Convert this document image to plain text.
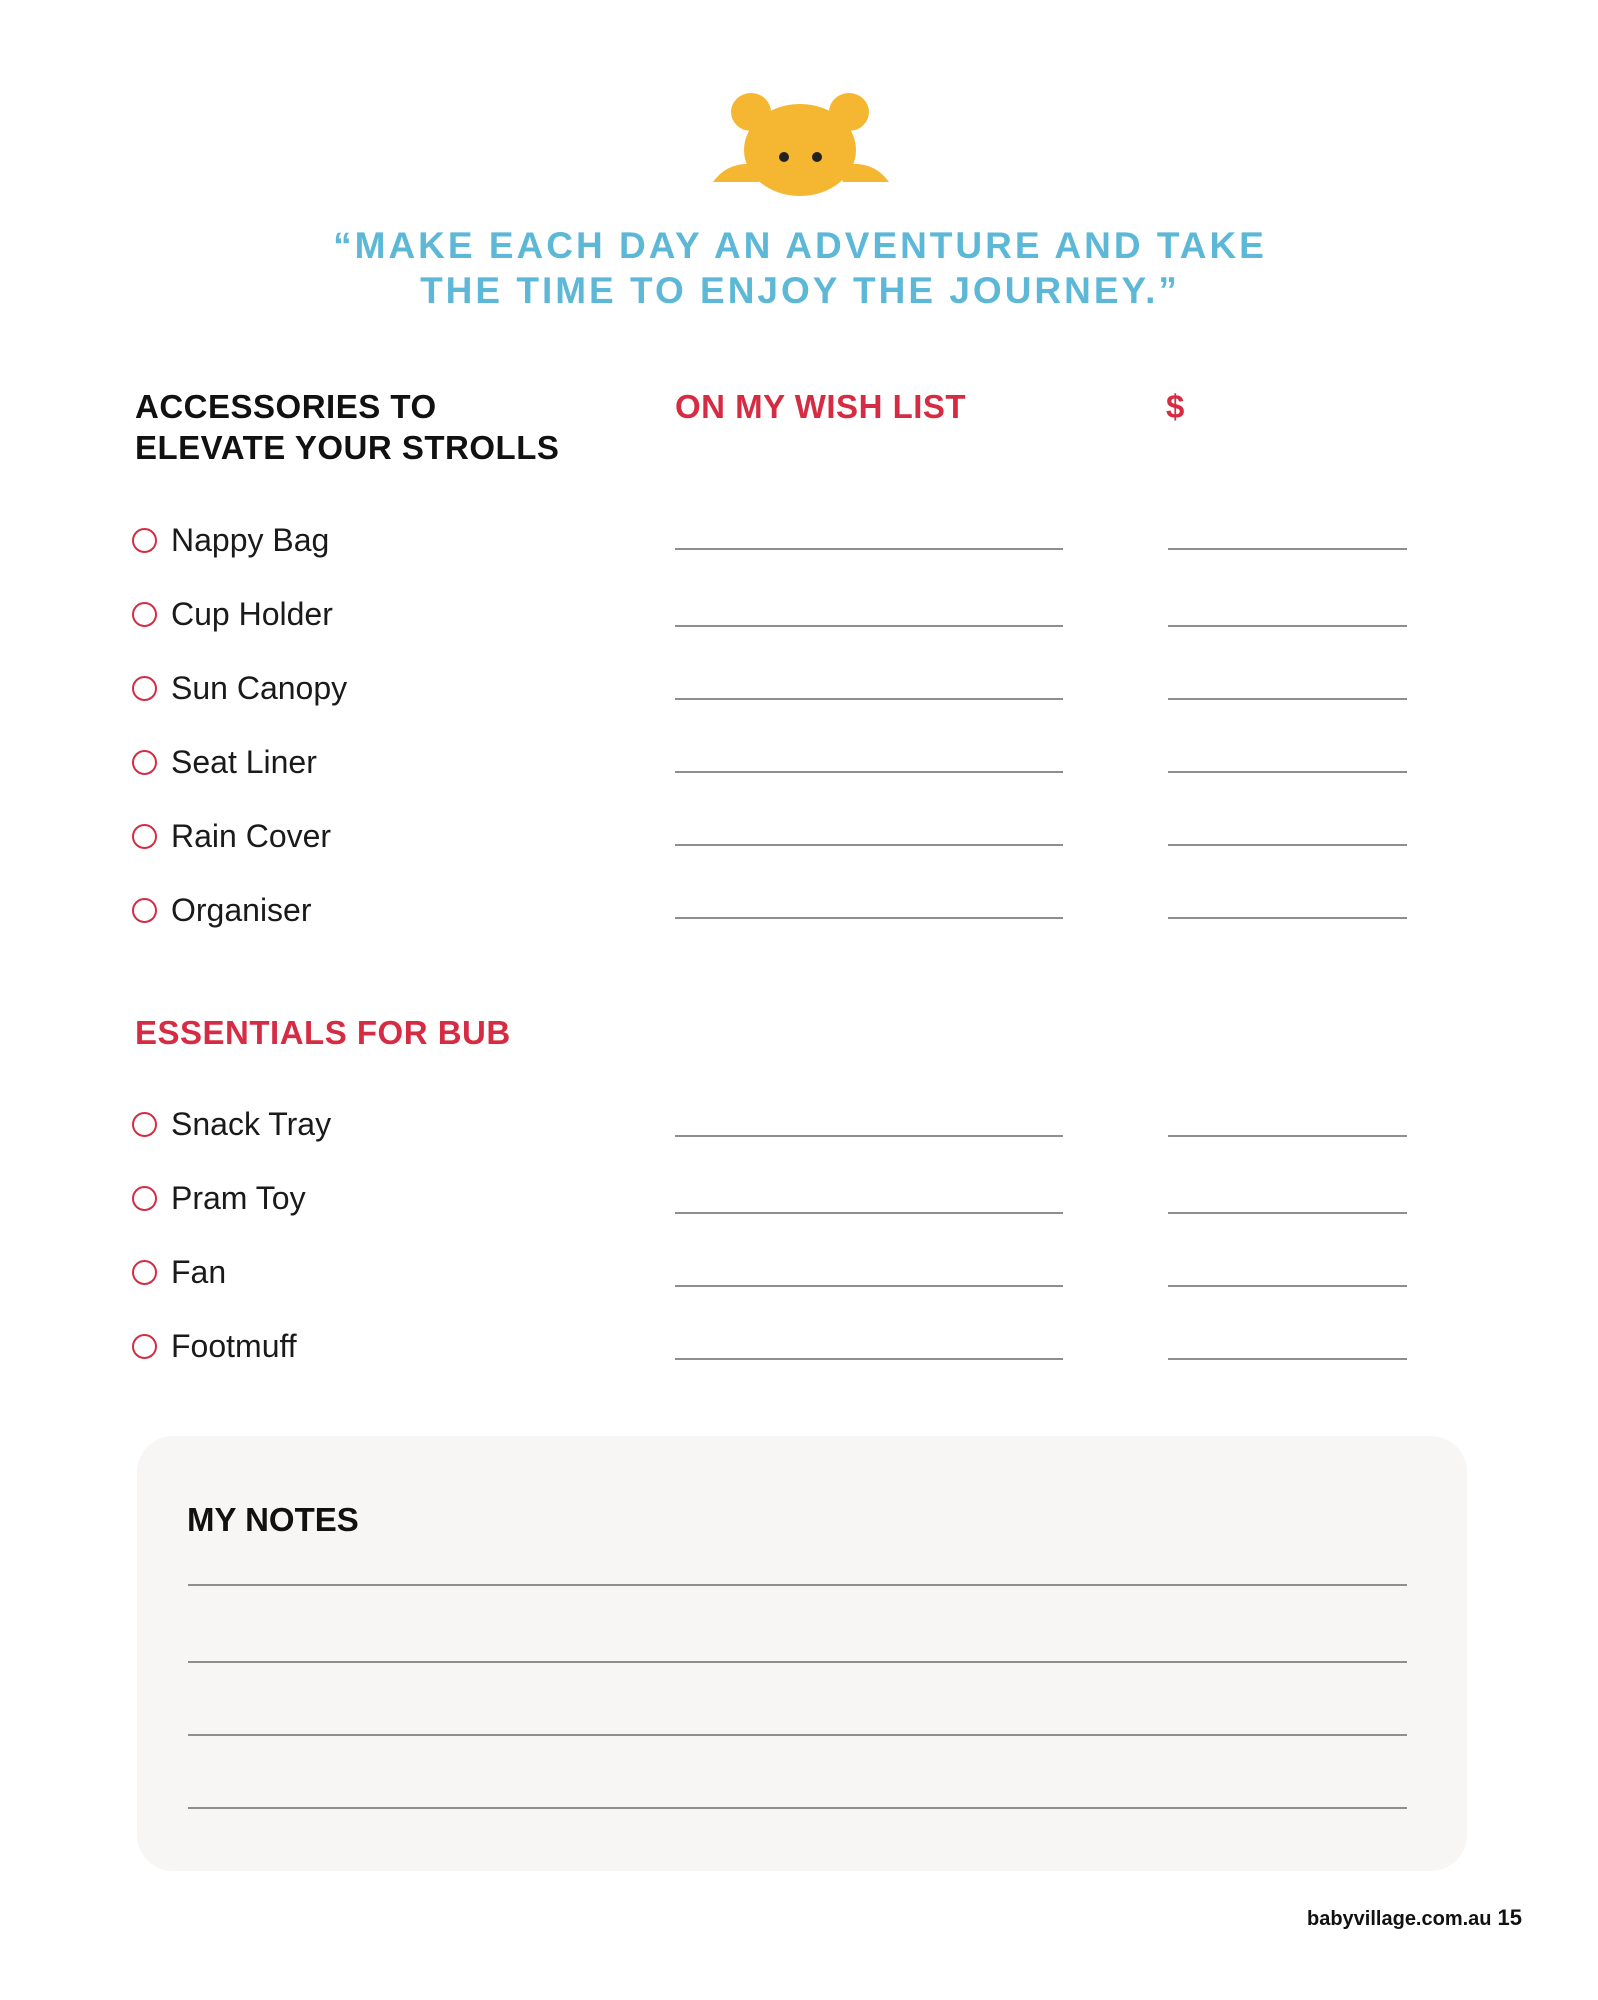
“MAKE EACH DAY AN ADVENTURE AND TAKE
THE TIME TO ENJOY THE JOURNEY.”
ACCESSORIES TO
ELEVATE YOUR STROLLS
ON MY WISH LIST	$
Nappy Bag
Cup Holder
Sun Canopy
Seat Liner
Rain Cover
Organiser
ESSENTIALS FOR BUB
Snack Tray
Pram Toy
Fan
Footmuff
MY NOTES
babyvillage.com.au 15
